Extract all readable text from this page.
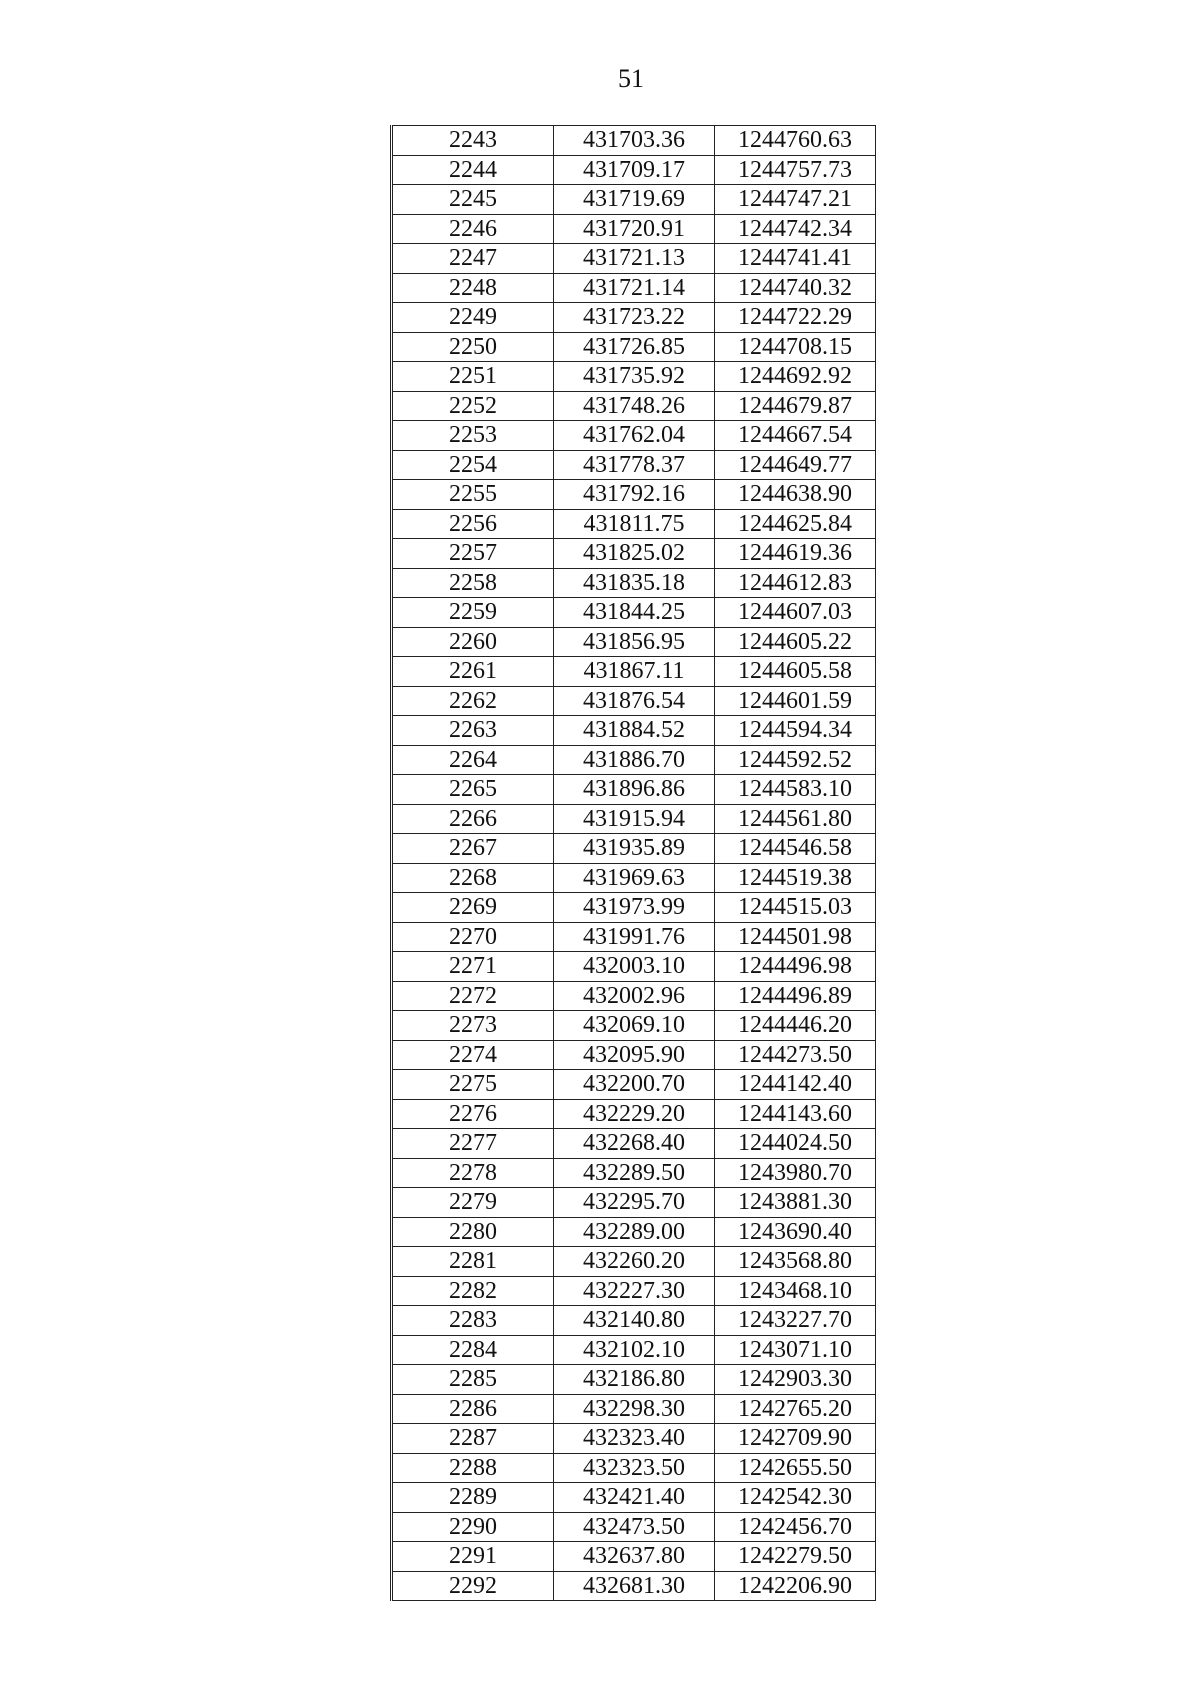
51
2243	431703.36	1244760.63
2244	431709.17	1244757.73
2245	431719.69	1244747.21
2246	431720.91	1244742.34
2247	431721.13	1244741.41
2248	431721.14	1244740.32
2249	431723.22	1244722.29
2250	431726.85	1244708.15
2251	431735.92	1244692.92
2252	431748.26	1244679.87
2253	431762.04	1244667.54
2254	431778.37	1244649.77
2255	431792.16	1244638.90
2256	431811.75	1244625.84
2257	431825.02	1244619.36
2258	431835.18	1244612.83
2259	431844.25	1244607.03
2260	431856.95	1244605.22
2261	431867.11	1244605.58
2262	431876.54	1244601.59
2263	431884.52	1244594.34
2264	431886.70	1244592.52
2265	431896.86	1244583.10
2266	431915.94	1244561.80
2267	431935.89	1244546.58
2268	431969.63	1244519.38
2269	431973.99	1244515.03
2270	431991.76	1244501.98
2271	432003.10	1244496.98
2272	432002.96	1244496.89
2273	432069.10	1244446.20
2274	432095.90	1244273.50
2275	432200.70	1244142.40
2276	432229.20	1244143.60
2277	432268.40	1244024.50
2278	432289.50	1243980.70
2279	432295.70	1243881.30
2280	432289.00	1243690.40
2281	432260.20	1243568.80
2282	432227.30	1243468.10
2283	432140.80	1243227.70
2284	432102.10	1243071.10
2285	432186.80	1242903.30
2286	432298.30	1242765.20
2287	432323.40	1242709.90
2288	432323.50	1242655.50
2289	432421.40	1242542.30
2290	432473.50	1242456.70
2291	432637.80	1242279.50
2292	432681.30	1242206.90
